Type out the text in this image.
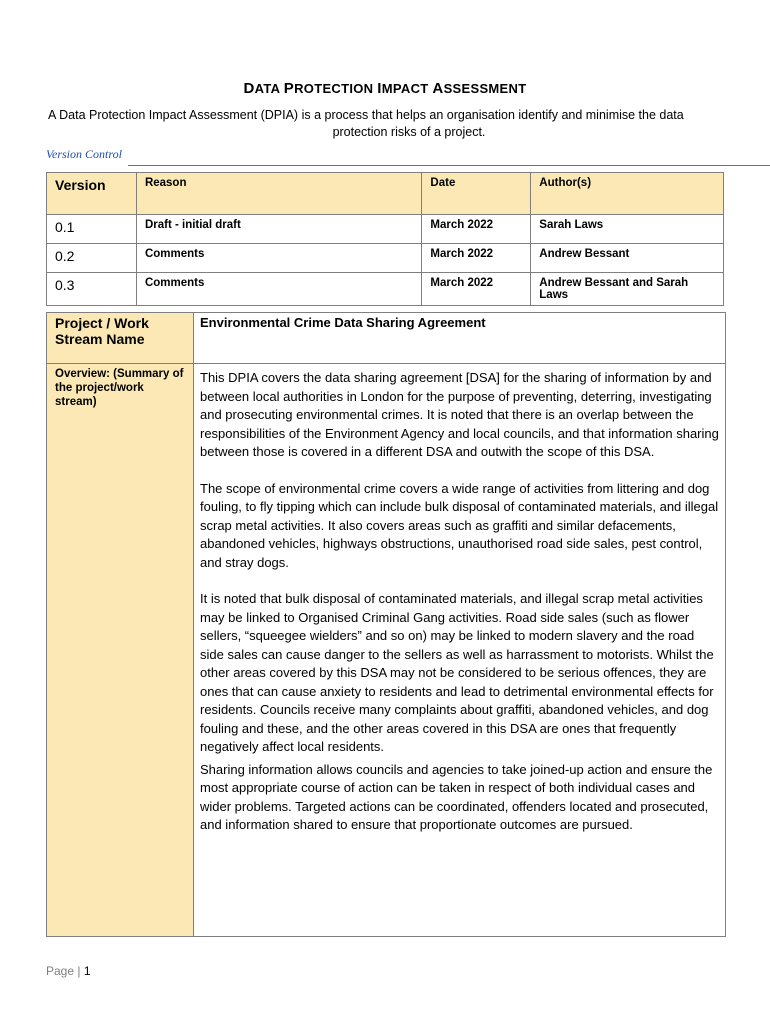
DATA PROTECTION IMPACT ASSESSMENT
A Data Protection Impact Assessment (DPIA) is a process that helps an organisation identify and minimise the data
protection risks of a project.
Version Control
Version	Reason	Date	Author(s)
0.1	Draft - initial draft	March 2022	Sarah Laws
0.2	Comments	March 2022	Andrew Bessant
0.3	Comments	March 2022	Andrew Bessant and Sarah Laws
Project / Work Stream Name	Environmental Crime Data Sharing Agreement
Overview: (Summary of the project/work stream)	This DPIA covers the data sharing agreement [DSA] for the sharing of information by and between local authorities in London for the purpose of preventing, deterring, investigating and prosecuting environmental crimes. It is noted that there is an overlap between the responsibilities of the Environment Agency and local councils, and that information sharing between those is covered in a different DSA and outwith the scope of this DSA.

The scope of environmental crime covers a wide range of activities from littering and dog fouling, to fly tipping which can include bulk disposal of contaminated materials, and illegal scrap metal activities. It also covers areas such as graffiti and similar defacements, abandoned vehicles, highways obstructions, unauthorised road side sales, pest control, and stray dogs.

It is noted that bulk disposal of contaminated materials, and illegal scrap metal activities may be linked to Organised Criminal Gang activities. Road side sales (such as flower sellers, “squeegee wielders” and so on) may be linked to modern slavery and the road side sales can cause danger to the sellers as well as harrassment to motorists. Whilst the other areas covered by this DSA may not be considered to be serious offences, they are ones that can cause anxiety to residents and lead to detrimental environmental effects for residents. Councils receive many complaints about graffiti, abandoned vehicles, and dog fouling and these, and the other areas covered in this DSA are ones that frequently negatively affect local residents.

Sharing information allows councils and agencies to take joined-up action and ensure the most appropriate course of action can be taken in respect of both individual cases and wider problems. Targeted actions can be coordinated, offenders located and prosecuted, and information shared to ensure that proportionate outcomes are pursued.

Page | 1
